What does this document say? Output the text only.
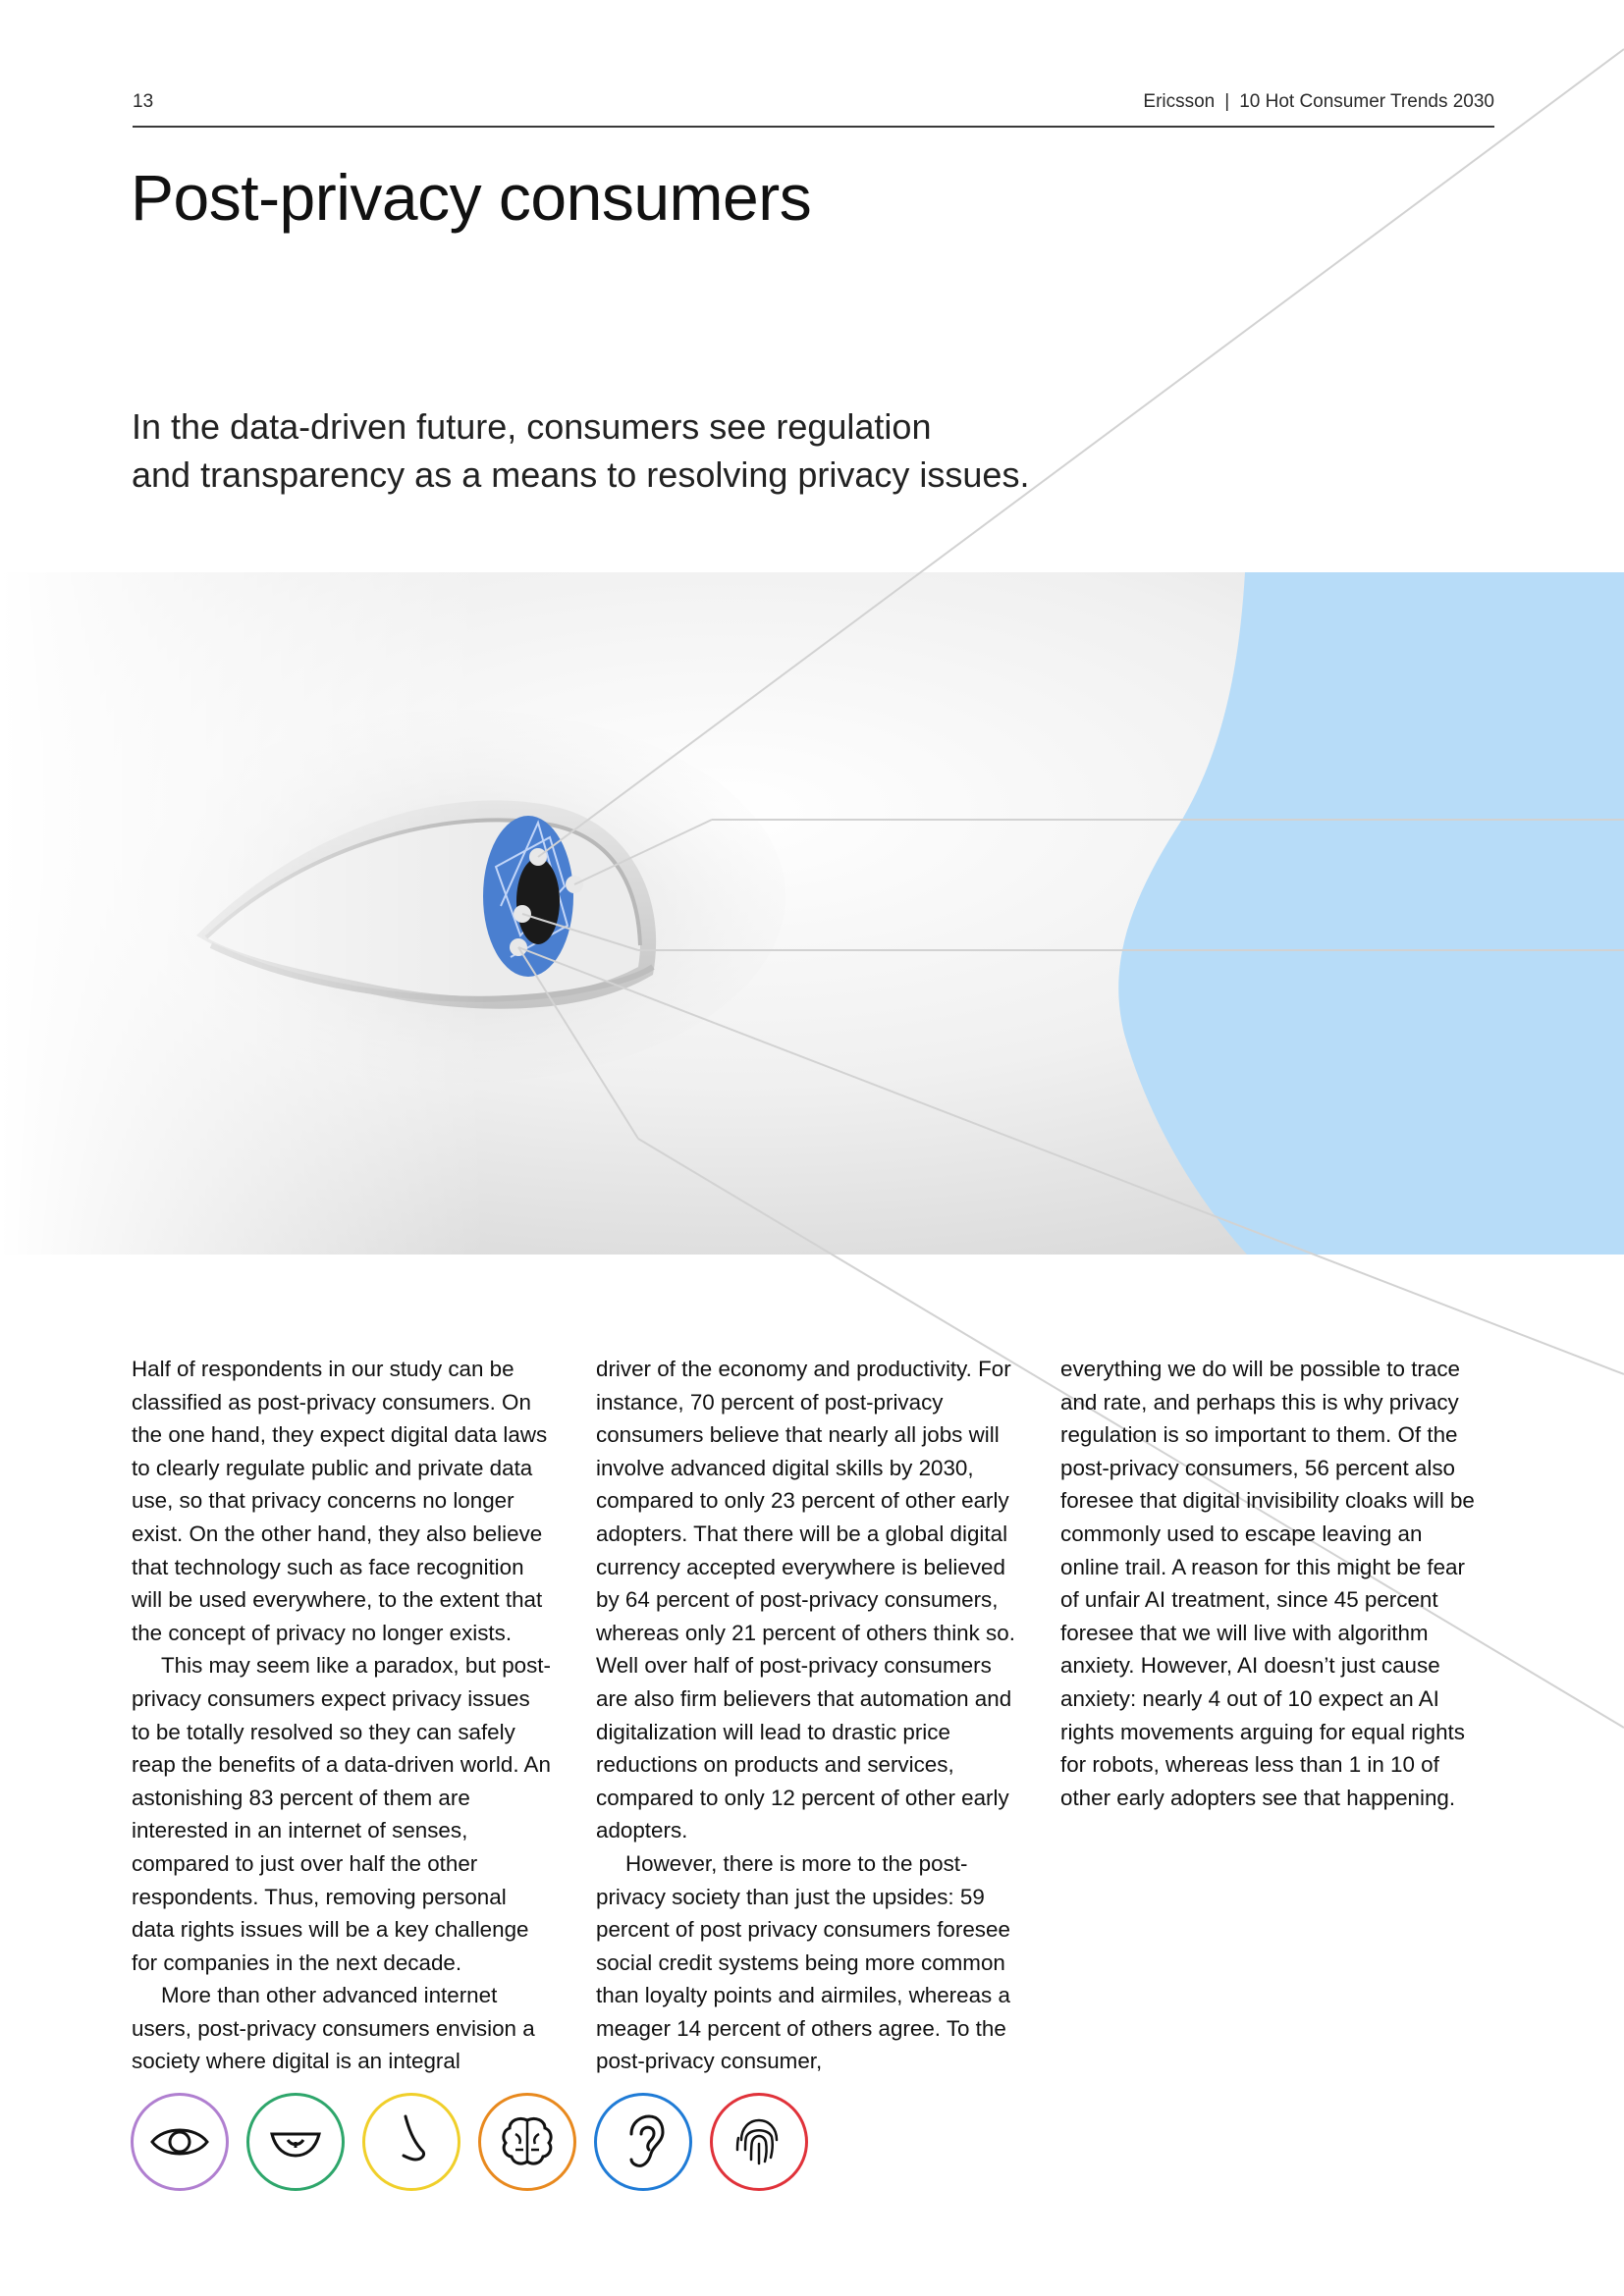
13	Ericsson | 10 Hot Consumer Trends 2030
Post-privacy consumers
In the data-driven future, consumers see regulation
and transparency as a means to resolving privacy issues.

Half of respondents in our study can be classified as post-privacy consumers. On the one hand, they expect digital data laws to clearly regulate public and private data use, so that privacy concerns no longer exist. On the other hand, they also believe that technology such as face recognition will be used everywhere, to the extent that the concept of privacy no longer exists.

This may seem like a paradox, but post-privacy consumers expect privacy issues to be totally resolved so they can safely reap the benefits of a data-driven world. An astonishing 83 percent of them are interested in an internet of senses, compared to just over half the other respondents. Thus, removing personal data rights issues will be a key challenge for companies in the next decade.

More than other advanced internet users, post-privacy consumers envision a society where digital is an integral

driver of the economy and productivity. For instance, 70 percent of post-privacy consumers believe that nearly all jobs will involve advanced digital skills by 2030, compared to only 23 percent of other early adopters. That there will be a global digital currency accepted everywhere is believed by 64 percent of post-privacy consumers, whereas only 21 percent of others think so. Well over half of post-privacy consumers are also firm believers that automation and digitalization will lead to drastic price reductions on products and services, compared to only 12 percent of other early adopters.

However, there is more to the post-privacy society than just the upsides: 59 percent of post privacy consumers foresee social credit systems being more common than loyalty points and airmiles, whereas a meager 14 percent of others agree. To the post-privacy consumer,

everything we do will be possible to trace and rate, and perhaps this is why privacy regulation is so important to them. Of the post-privacy consumers, 56 percent also foresee that digital invisibility cloaks will be commonly used to escape leaving an online trail. A reason for this might be fear of unfair AI treatment, since 45 percent foresee that we will live with algorithm anxiety. However, AI doesn’t just cause anxiety: nearly 4 out of 10 expect an AI rights movements arguing for equal rights for robots, whereas less than 1 in 10 of other early adopters see that happening.
